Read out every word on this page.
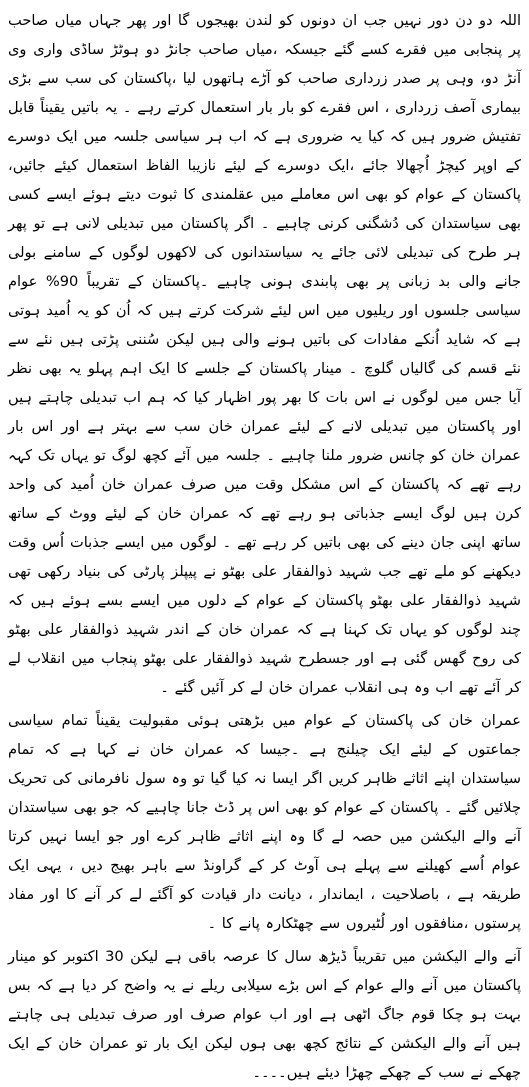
اللہ دو دن دور نہیں جب ان دونوں کو لندن بھیجوں گا اور پھر جہاں میاں صاحب پر پنجابی میں فقرے کسے گئے جیسکہ ،میاں صاحب جانڑ دو ہوٹڑ ساڈی واری وی آنڑ دو، وہی پر صدر زرداری صاحب کو آڑے ہاتھوں لیا ،پاکستان کی سب سے بڑی بیماری آصف زرداری ، اس فقرے کو بار بار استعمال کرتے رہے ۔ یہ باتیں یقیناً قابل تفتیش ضرور ہیں کہ کیا یہ ضروری ہے کہ اب ہر سیاسی جلسہ میں ایک دوسرے کے اوپر کیچڑ اُچھالا جائے ،ایک دوسرے کے لیئے نازیبا الفاظ استعمال کیئے جائیں، پاکستان کے عوام کو بھی اس معاملے میں عقلمندی کا ثبوت دیتے ہوئے ایسے کسی بھی سیاستدان کی دُشگنی کرنی چاہیے ۔ اگر پاکستان میں تبدیلی لانی ہے تو پھر ہر طرح کی تبدیلی لائی جائے یہ سیاستدانوں کی لاکھوں لوگوں کے سامنے بولی جانے والی بد زبانی پر بھی پابندی ہونی چاہیے ۔پاکستان کے تقریباً 90% عوام سیاسی جلسوں اور ریلیوں میں اس لیئے شرکت کرتے ہیں کہ اُن کو یہ اُمید ہوتی ہے کہ شاید اُنکے مفادات کی باتیں ہونے والی ہیں لیکن سُننی پڑتی ہیں نئے سے نئے قسم کی گالیاں گلوچ ۔ مینار پاکستان کے جلسے کا ایک اہم پہلو یہ بھی نظر آیا جس میں لوگوں نے اس بات کا بھر پور اظہار کیا کہ ہم اب تبدیلی چاہتے ہیں اور پاکستان میں تبدیلی لانے کے لیئے عمران خان سب سے بہتر ہے اور اس بار عمران خان کو چانس ضرور ملنا چاہیے ۔ جلسہ میں آئے کچھ لوگ تو یہاں تک کہہ رہے تھے کہ پاکستان کے اس مشکل وقت میں صرف عمران خان اُمید کی واحد کرن ہیں لوگ ایسے جذباتی ہو رہے تھے کہ عمران خان کے لیئے ووٹ کے ساتھ ساتھ اپنی جان دینے کی بھی باتیں کر رہے تھے ۔ لوگوں میں ایسے جذبات اُس وقت دیکھنے کو ملے تھے جب شہید ذوالفقار علی بھٹو نے پیپلز پارٹی کی بنیاد رکھی تھی شہید ذوالفقار علی بھٹو پاکستان کے عوام کے دلوں میں ایسے بسے ہوئے ہیں کہ چند لوگوں کو یہاں تک کہنا ہے کہ عمران خان کے اندر شہید ذوالفقار علی بھٹو کی روح گھس گئی ہے اور جسطرح شہید ذوالفقار علی بھٹو پنجاب میں انقلاب لے کر آئے تھے اب وہ ہی انقلاب عمران خان لے کر آئیں گئے ۔

عمران خان کی پاکستان کے عوام میں بڑھتی ہوئی مقبولیت یقیناً تمام سیاسی جماعتوں کے لیئے ایک چیلنج ہے ۔جیسا کہ عمران خان نے کہا ہے کہ تمام سیاستدان اپنے اثاثے ظاہر کریں اگر ایسا نہ کیا گیا تو وہ سول نافرمانی کی تحریک چلائیں گئے ۔ پاکستان کے عوام کو بھی اس پر ڈٹ جانا چاہیے کہ جو بھی سیاستدان آنے والے الیکشن میں حصہ لے گا وہ اپنے اثاثے ظاہر کرے اور جو ایسا نہیں کرتا عوام اُسے کھیلنے سے پہلے ہی آوٹ کر کے گراونڈ سے باہر بھیج دیں ، یہی ایک طریقہ ہے ، باصلاحیت ، ایماندار ، دیانت دار قیادت کو آگئے لے کر آنے کا اور مفاد پرستوں ،منافقوں اور لُٹیروں سے چھٹکارہ پانے کا ۔

آنے والے الیکشن میں تقریباً ڈیڑھ سال کا عرصہ باقی ہے لیکن 30 اکتوبر کو مینار پاکستان میں آنے والے عوام کے اس بڑے سیلابی ریلے نے یہ واضح کر دیا ہے کہ بس بہت ہو چکا قوم جاگ اٹھی ہے اور اب عوام صرف اور صرف تبدیلی ہی چاہتے ہیں آنے والے الیکشن کے نتائج کچھ بھی ہوں لیکن ایک بار تو عمران خان کے ایک چھکے نے سب کے چھکے چھڑا دیئے ہیں۔۔۔۔
